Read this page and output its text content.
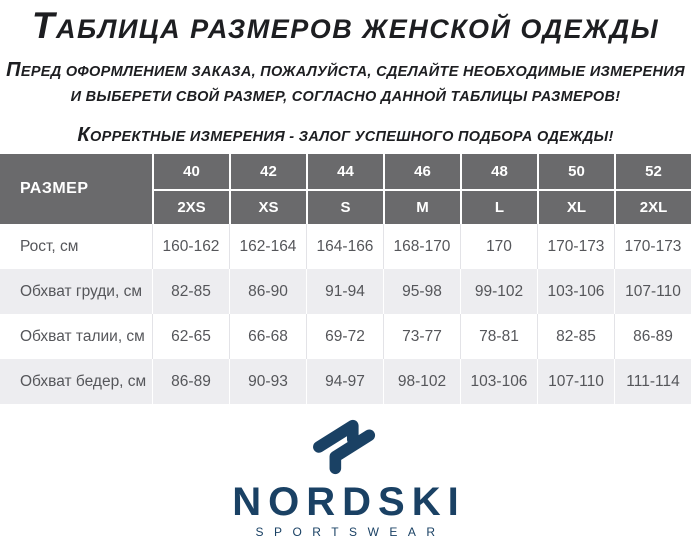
ТАБЛИЦА РАЗМЕРОВ ЖЕНСКОЙ ОДЕЖДЫ

ПЕРЕД ОФОРМЛЕНИЕМ ЗАКАЗА, ПОЖАЛУЙСТА, СДЕЛАЙТЕ НЕОБХОДИМЫЕ ИЗМЕРЕНИЯ

И ВЫБЕРЕТИ СВОЙ РАЗМЕР, СОГЛАСНО ДАННОЙ ТАБЛИЦЫ РАЗМЕРОВ!

КОРРЕКТНЫЕ ИЗМЕРЕНИЯ - ЗАЛОГ УСПЕШНОГО ПОДБОРА ОДЕЖДЫ!

РАЗМЕР
40	42	44	46	48	50	52
2XS	XS	S	M	L	XL	2XL
Рост, см	160-162	162-164	164-166	168-170	170	170-173	170-173
Обхват груди, см	82-85	86-90	91-94	95-98	99-102	103-106	107-110
Обхват талии, см	62-65	66-68	69-72	73-77	78-81	82-85	86-89
Обхват бедер, см	86-89	90-93	94-97	98-102	103-106	107-110	111-114
NORDSKI
SPORTSWEAR
